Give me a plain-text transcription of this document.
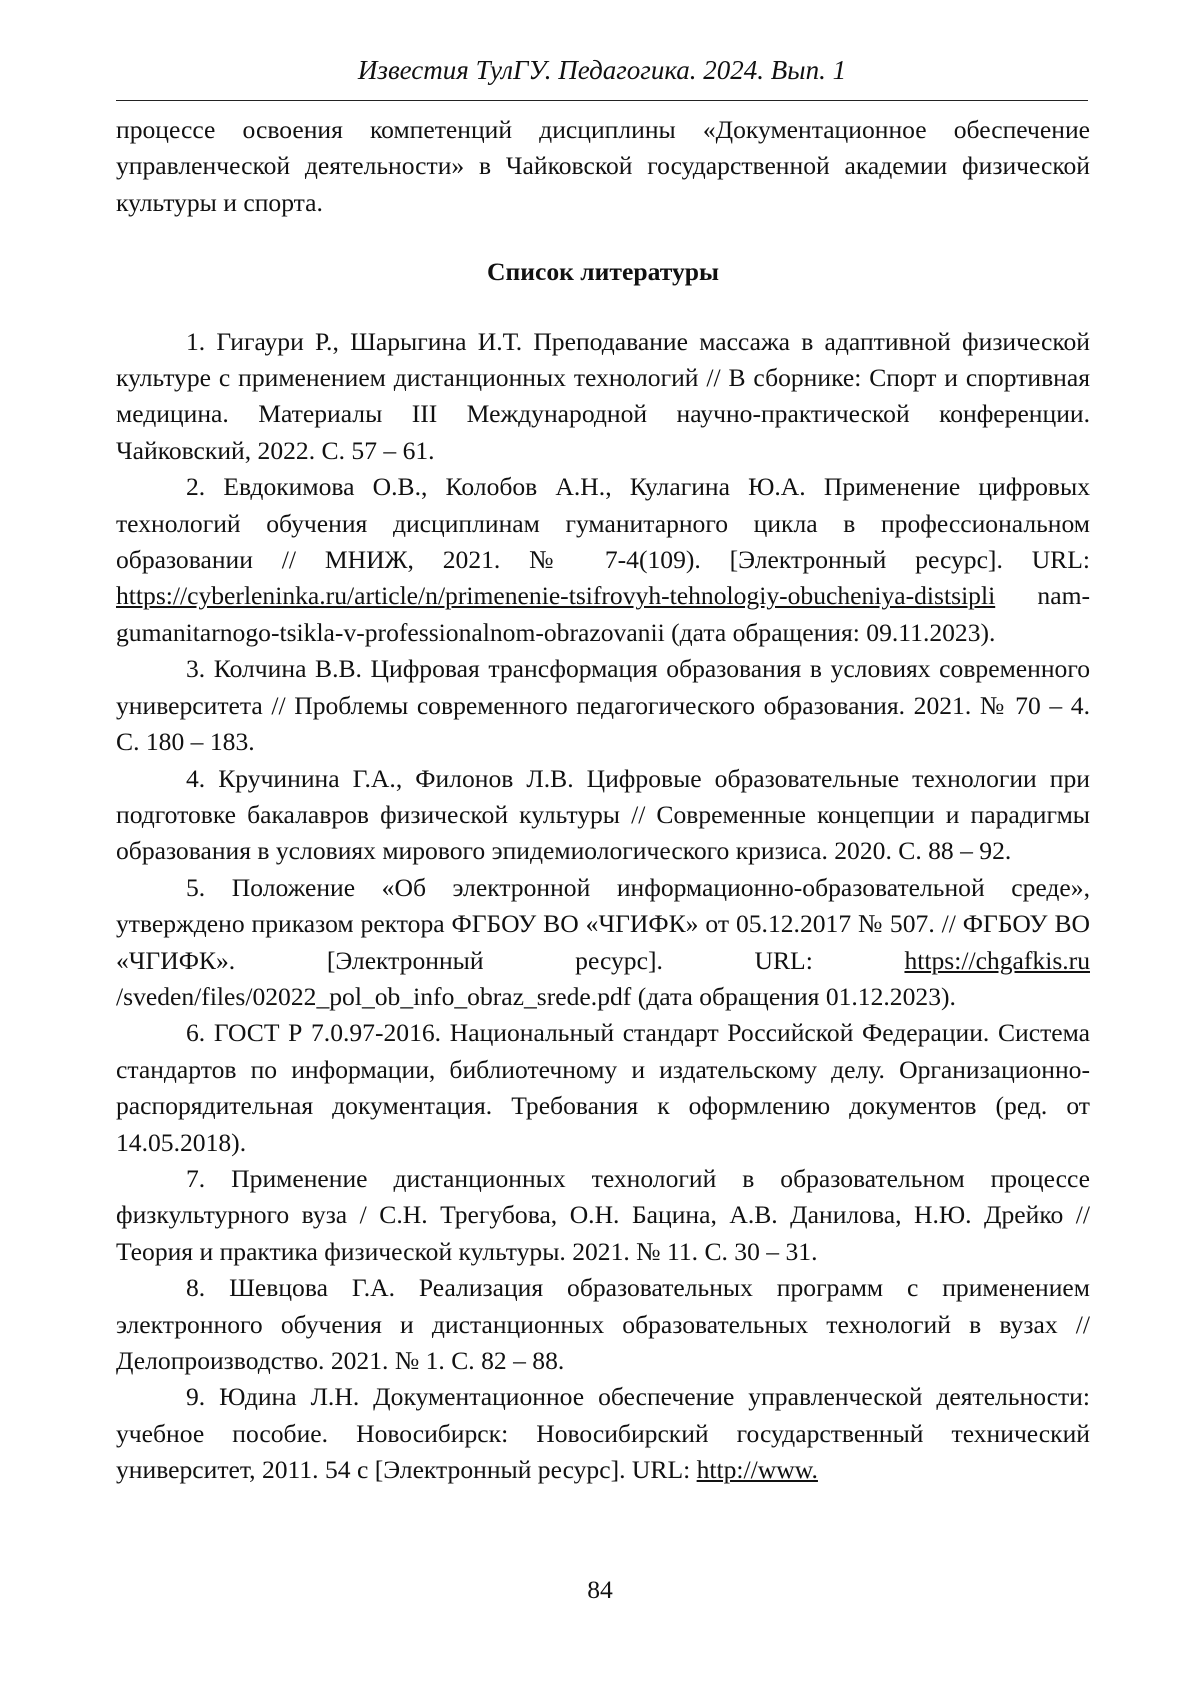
Известия ТулГУ. Педагогика. 2024. Вып. 1

процессе освоения компетенций дисциплины «Документационное обеспечение управленческой деятельности» в Чайковской государственной академии физической культуры и спорта.

Список литературы

1. Гигаури Р., Шарыгина И.Т. Преподавание массажа в адаптивной физической культуре с применением дистанционных технологий // В сборнике: Спорт и спортивная медицина. Материалы III Международной научно-практической конференции. Чайковский, 2022. С. 57 – 61.

2. Евдокимова О.В., Колобов А.Н., Кулагина Ю.А. Применение цифровых технологий обучения дисциплинам гуманитарного цикла в профессиональном образовании // МНИЖ, 2021. № 7-4(109). [Электронный ресурс]. URL: https://cyberleninka.ru/article/n/primenenie-tsifrovyh-tehnologiy-obucheniya-distsipli nam-gumanitarnogo-tsikla-v-professionalnom-obrazovanii (дата обращения: 09.11.2023).

3. Колчина В.В. Цифровая трансформация образования в условиях современного университета // Проблемы современного педагогического образования. 2021. № 70 – 4. С. 180 – 183.

4. Кручинина Г.А., Филонов Л.В. Цифровые образовательные технологии при подготовке бакалавров физической культуры // Современные концепции и парадигмы образования в условиях мирового эпидемиологического кризиса. 2020. С. 88 – 92.

5. Положение «Об электронной информационно-образовательной среде», утверждено приказом ректора ФГБОУ ВО «ЧГИФК» от 05.12.2017 № 507. // ФГБОУ ВО «ЧГИФК». [Электронный ресурс]. URL:	https://chgafkis.ru /sveden/files/02022_pol_ob_info_obraz_srede.pdf (дата обращения 01.12.2023).

6. ГОСТ Р 7.0.97-2016. Национальный стандарт Российской Федерации. Система стандартов по информации, библиотечному и издательскому делу. Организационно-распорядительная документация. Требования к оформлению документов (ред. от 14.05.2018).

7. Применение дистанционных технологий в образовательном процессе физкультурного вуза / С.Н. Трегубова, О.Н. Бацина, А.В. Данилова, Н.Ю. Дрейко // Теория и практика физической культуры. 2021. № 11. С. 30 – 31.

8. Шевцова Г.А. Реализация образовательных программ с применением электронного обучения и дистанционных образовательных технологий в вузах // Делопроизводство. 2021. № 1. С. 82 – 88.

9. Юдина Л.Н. Документационное обеспечение управленческой деятельности: учебное пособие. Новосибирск: Новосибирский государственный технический университет, 2011. 54 с [Электронный ресурс]. URL: http://www.

84
